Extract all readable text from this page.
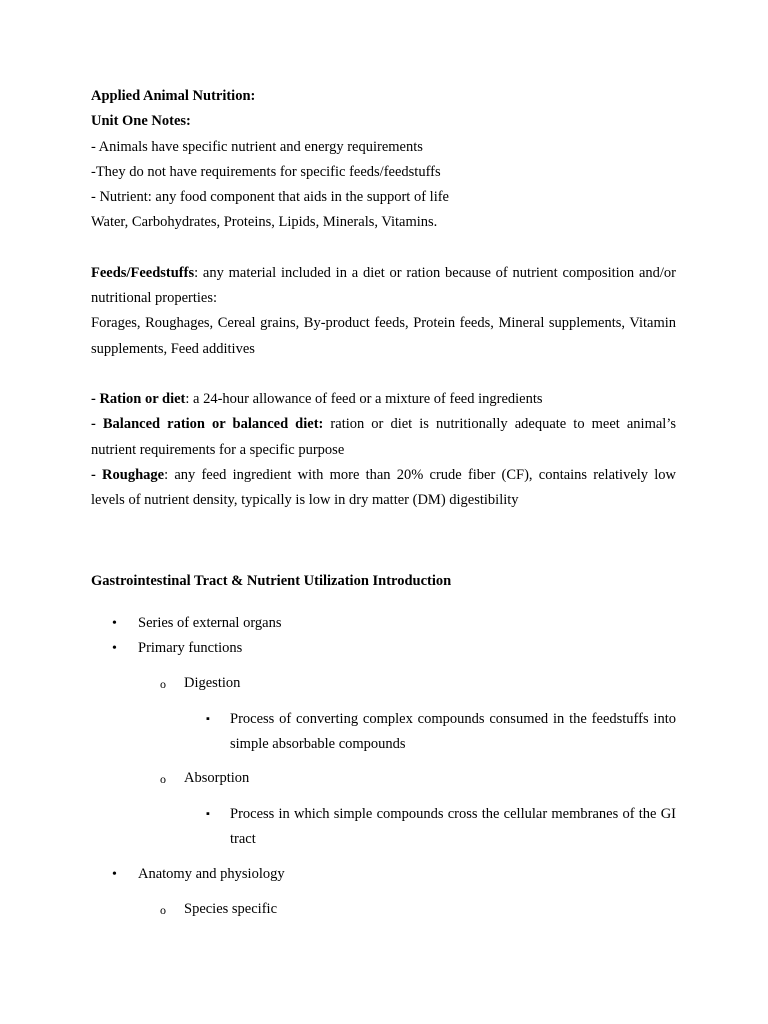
Applied Animal Nutrition:
Unit One Notes:
- Animals have specific nutrient and energy requirements
-They do not have requirements for specific feeds/feedstuffs
- Nutrient: any food component that aids in the support of life
Water, Carbohydrates, Proteins, Lipids, Minerals, Vitamins.
Feeds/Feedstuffs: any material included in a diet or ration because of nutrient composition and/or nutritional properties:
Forages, Roughages, Cereal grains, By-product feeds, Protein feeds, Mineral supplements, Vitamin supplements, Feed additives
- Ration or diet: a 24-hour allowance of feed or a mixture of feed ingredients
- Balanced ration or balanced diet: ration or diet is nutritionally adequate to meet animal’s nutrient requirements for a specific purpose
- Roughage: any feed ingredient with more than 20% crude fiber (CF), contains relatively low levels of nutrient density, typically is low in dry matter (DM) digestibility
Gastrointestinal Tract & Nutrient Utilization Introduction
• Series of external organs
• Primary functions
o Digestion
▪ Process of converting complex compounds consumed in the feedstuffs into simple absorbable compounds
o Absorption
▪ Process in which simple compounds cross the cellular membranes of the GI tract
• Anatomy and physiology
o Species specific
